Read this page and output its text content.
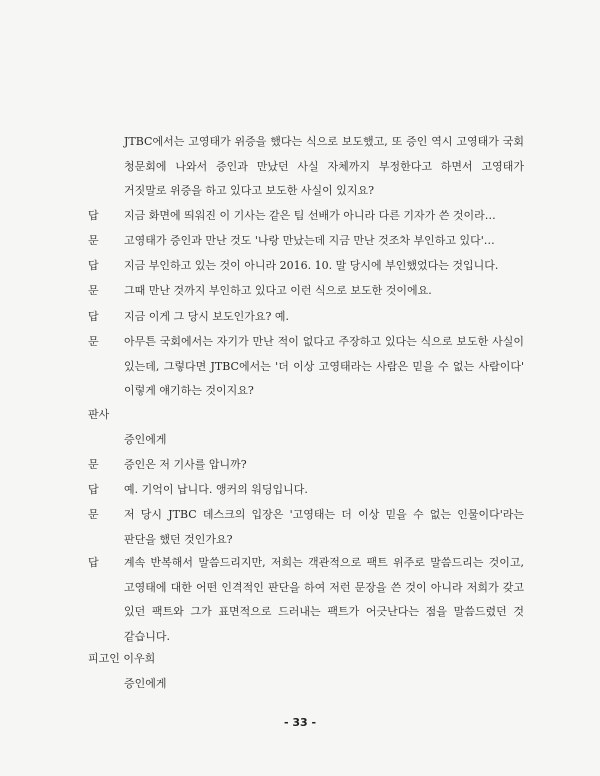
JTBC에서는 고영태가 위증을 했다는 식으로 보도했고, 또 증인 역시 고영태가 국회 청문회에 나와서 증인과 만났던 사실 자체까지 부정한다고 하면서 고영태가 거짓말로 위증을 하고 있다고 보도한 사실이 있지요?
답 지금 화면에 띄워진 이 기사는 같은 팀 선배가 아니라 다른 기자가 쓴 것이라…
문 고영태가 증인과 만난 것도 '나랑 만났는데 지금 만난 것조차 부인하고 있다'…
답 지금 부인하고 있는 것이 아니라 2016. 10. 말 당시에 부인했었다는 것입니다.
문 그때 만난 것까지 부인하고 있다고 이런 식으로 보도한 것이에요.
답 지금 이게 그 당시 보도인가요? 예.
문 아무튼 국회에서는 자기가 만난 적이 없다고 주장하고 있다는 식으로 보도한 사실이 있는데, 그렇다면 JTBC에서는 '더 이상 고영태라는 사람은 믿을 수 없는 사람이다' 이렇게 얘기하는 것이지요?
판사
증인에게
문 증인은 저 기사를 압니까?
답 예. 기억이 납니다. 앵커의 워딩입니다.
문 저 당시 JTBC 데스크의 입장은 '고영태는 더 이상 믿을 수 없는 인물이다'라는 판단을 했던 것인가요?
답 계속 반복해서 말씀드리지만, 저희는 객관적으로 팩트 위주로 말씀드리는 것이고, 고영태에 대한 어떤 인격적인 판단을 하여 저런 문장을 쓴 것이 아니라 저희가 갖고 있던 팩트와 그가 표면적으로 드러내는 팩트가 어긋난다는 점을 말씀드렸던 것 같습니다.
피고인 이우희
증인에게
- 33 -
